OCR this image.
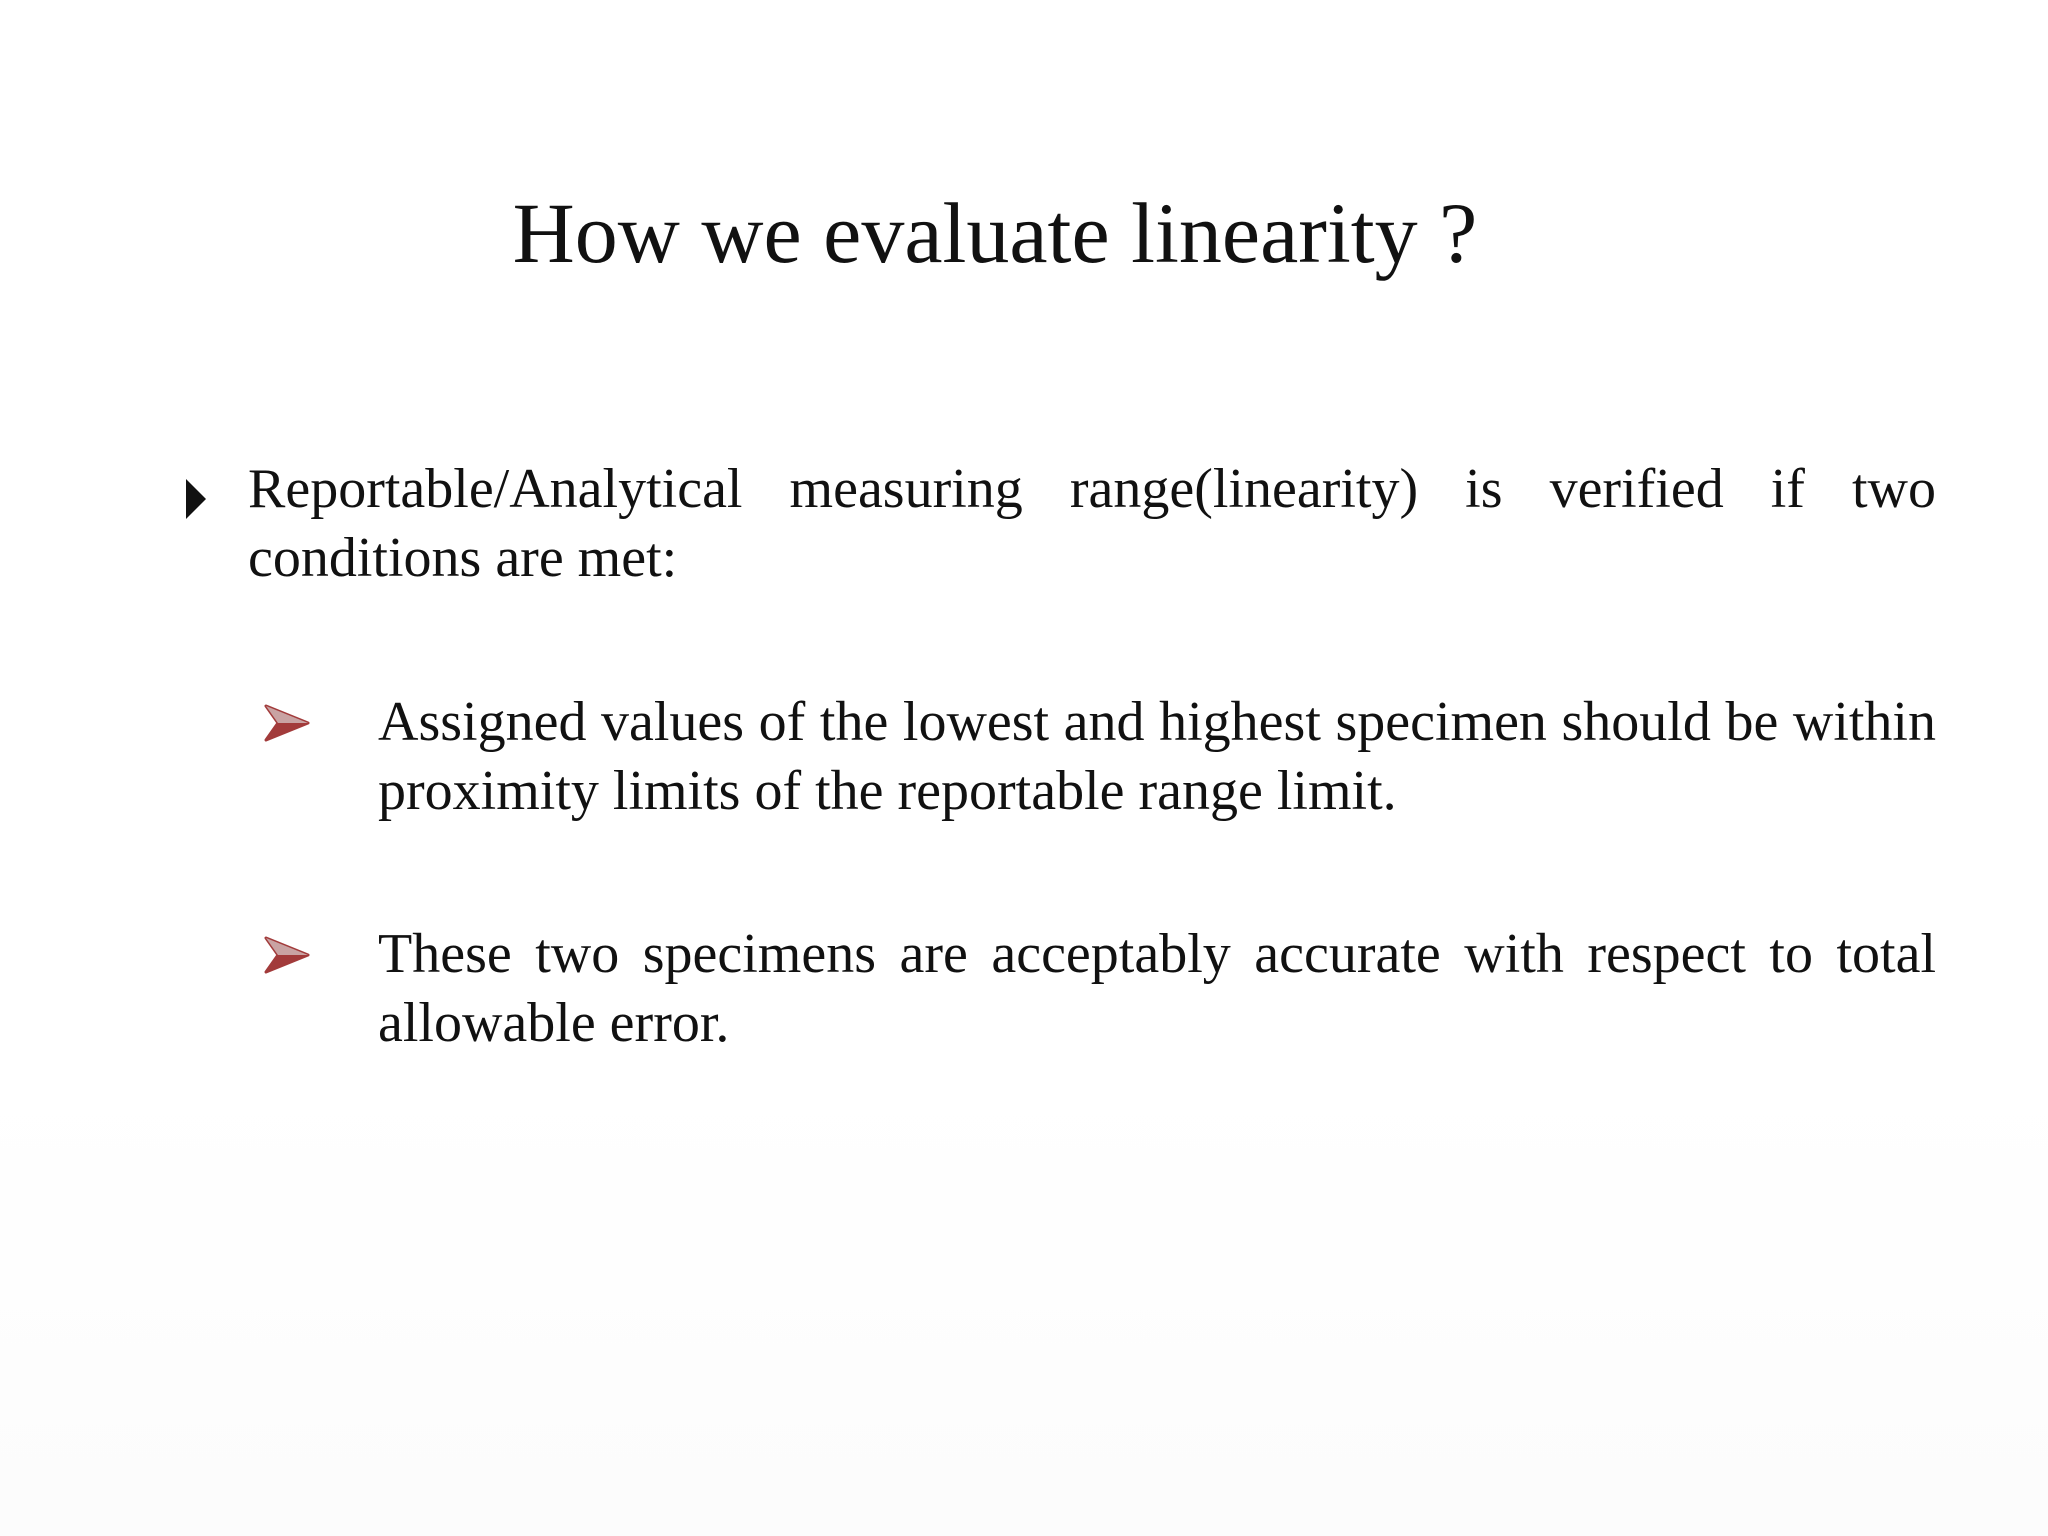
How we evaluate linearity ?
Reportable/Analytical measuring range(linearity) is verified if two conditions are met:
Assigned values of the lowest and highest specimen should be within proximity limits of the reportable range limit.
These two specimens are acceptably accurate with respect to total allowable error.
